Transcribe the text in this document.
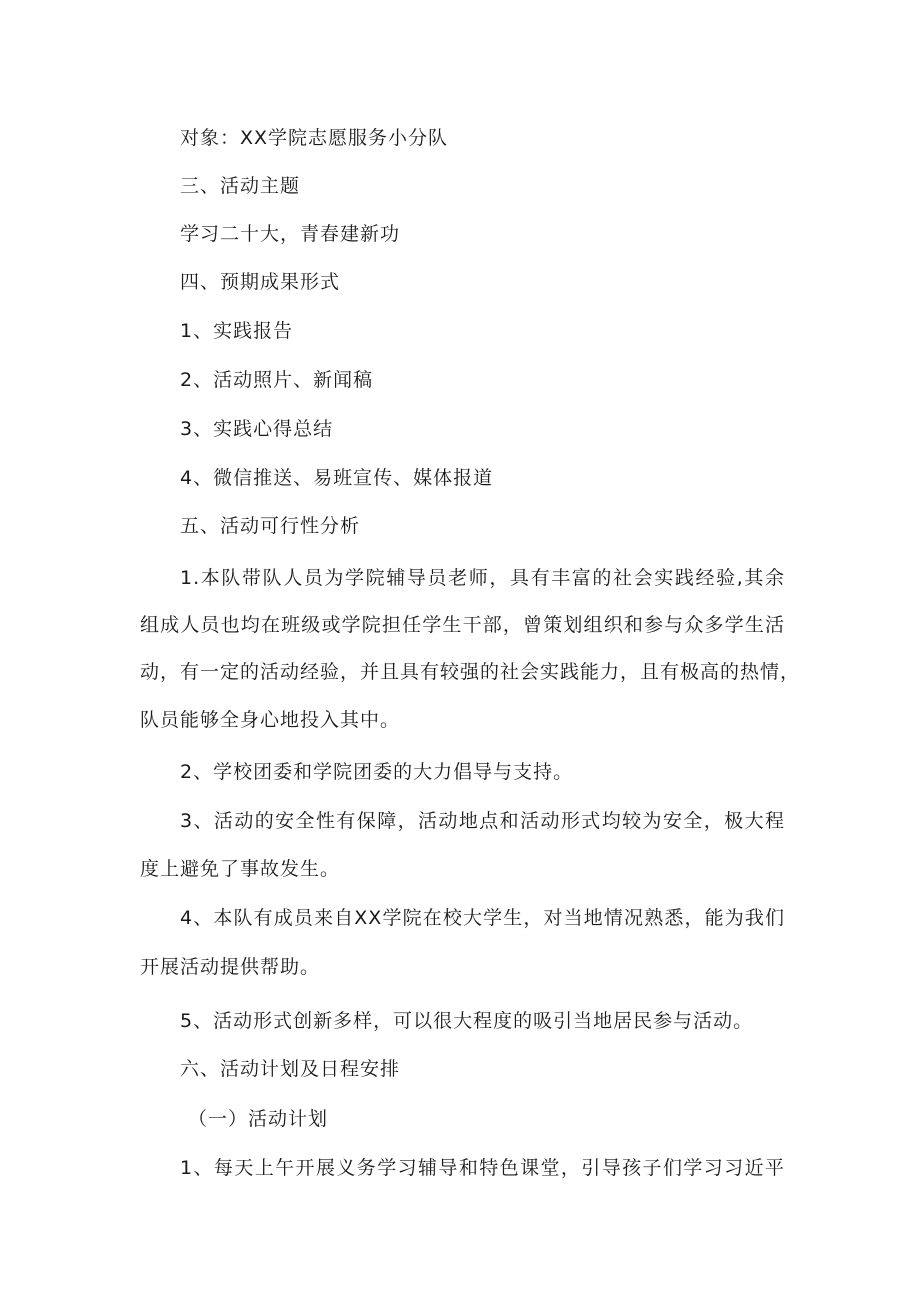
对象：XX学院志愿服务小分队

三、活动主题

学习二十大，青春建新功

四、预期成果形式

1、实践报告

2、活动照片、新闻稿

3、实践心得总结

4、微信推送、易班宣传、媒体报道

五、活动可行性分析

1.本队带队人员为学院辅导员老师，具有丰富的社会实践经验,其余

组成人员也均在班级或学院担任学生干部，曾策划组织和参与众多学生活

动，有一定的活动经验，并且具有较强的社会实践能力，且有极高的热情，

队员能够全身心地投入其中。

2、学校团委和学院团委的大力倡导与支持。

3、活动的安全性有保障，活动地点和活动形式均较为安全，极大程

度上避免了事故发生。

4、本队有成员来自XX学院在校大学生，对当地情况熟悉，能为我们

开展活动提供帮助。

5、活动形式创新多样，可以很大程度的吸引当地居民参与活动。

六、活动计划及日程安排

（一）活动计划

1、每天上午开展义务学习辅导和特色课堂，引导孩子们学习习近平
